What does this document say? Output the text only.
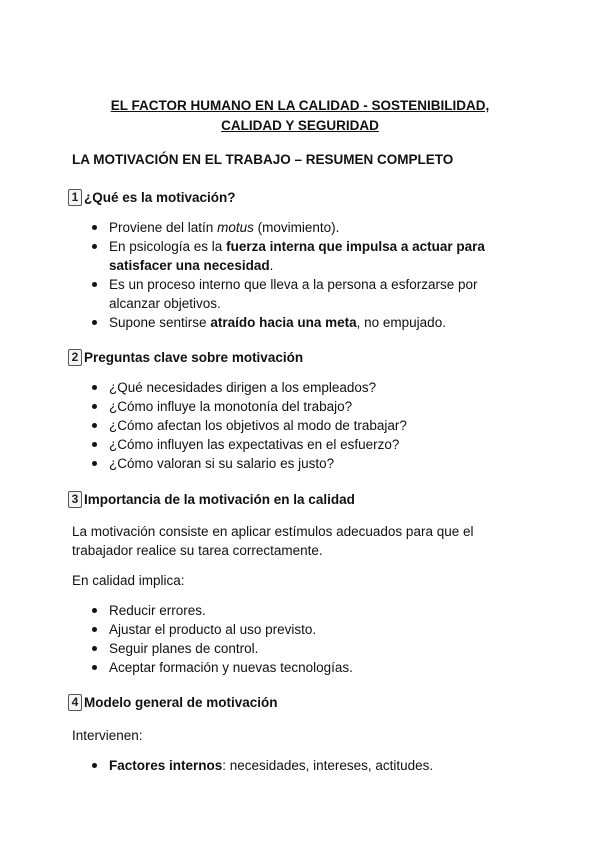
EL FACTOR HUMANO EN LA CALIDAD - SOSTENIBILIDAD,
CALIDAD Y SEGURIDAD
LA MOTIVACIÓN EN EL TRABAJO – RESUMEN COMPLETO
1 ¿Qué es la motivación?
Proviene del latín motus (movimiento).
En psicología es la fuerza interna que impulsa a actuar para
satisfacer una necesidad.
Es un proceso interno que lleva a la persona a esforzarse por
alcanzar objetivos.
Supone sentirse atraído hacia una meta, no empujado.
2 Preguntas clave sobre motivación
¿Qué necesidades dirigen a los empleados?
¿Cómo influye la monotonía del trabajo?
¿Cómo afectan los objetivos al modo de trabajar?
¿Cómo influyen las expectativas en el esfuerzo?
¿Cómo valoran si su salario es justo?
3 Importancia de la motivación en la calidad
La motivación consiste en aplicar estímulos adecuados para que el
trabajador realice su tarea correctamente.
En calidad implica:
Reducir errores.
Ajustar el producto al uso previsto.
Seguir planes de control.
Aceptar formación y nuevas tecnologías.
4 Modelo general de motivación
Intervienen:
Factores internos: necesidades, intereses, actitudes.
